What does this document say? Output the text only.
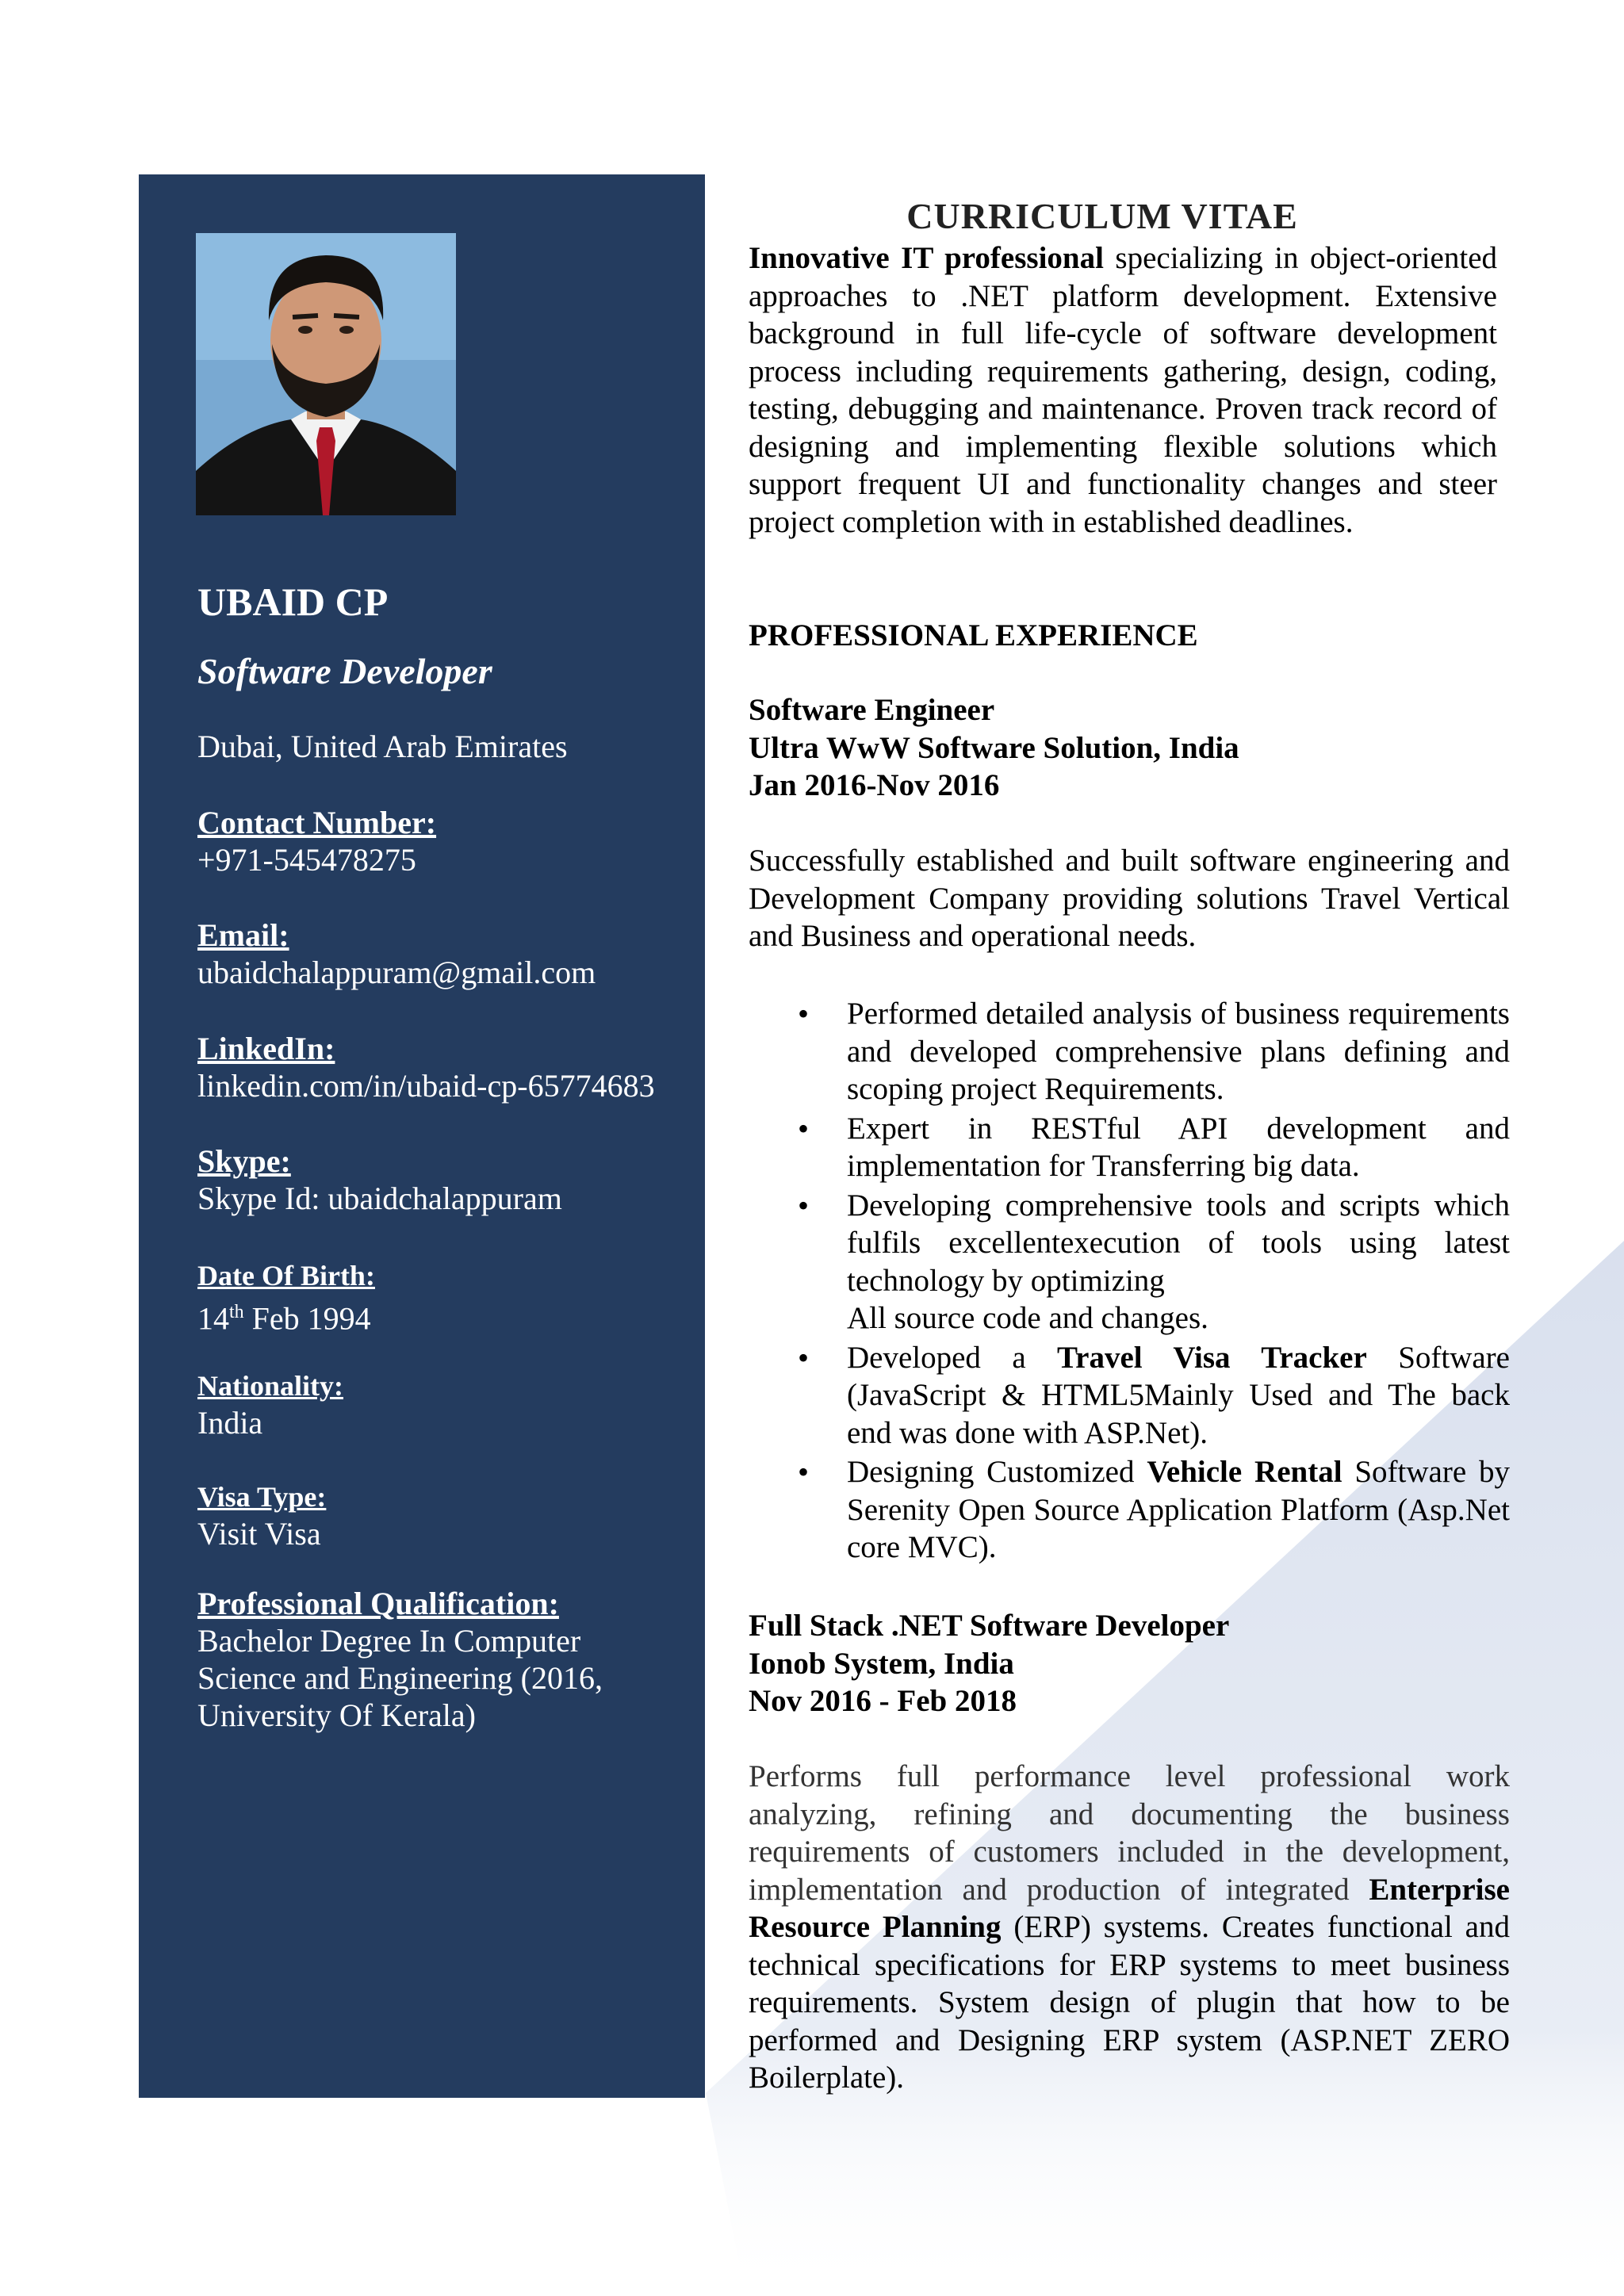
UBAID CP
Software Developer
Dubai, United Arab Emirates
Contact Number:
+971-545478275
Email:
ubaidchalappuram@gmail.com
LinkedIn:
linkedin.com/in/ubaid-cp-65774683
Skype:
Skype Id: ubaidchalappuram
Date Of Birth:
14th Feb 1994
Nationality:
India
Visa Type:
Visit Visa
Professional Qualification:
Bachelor Degree In Computer Science and Engineering (2016, University Of Kerala)
CURRICULUM VITAE
Innovative IT professional specializing in object-oriented approaches to .NET platform development. Extensive background in full life-cycle of software development process including requirements gathering, design, coding, testing, debugging and maintenance. Proven track record of designing and implementing flexible solutions which support frequent UI and functionality changes and steer project completion with in established deadlines.
PROFESSIONAL EXPERIENCE
Software Engineer
Ultra WwW Software Solution, India
Jan 2016-Nov 2016
Successfully established and built software engineering and Development Company providing solutions Travel Vertical and Business and operational needs.
• Performed detailed analysis of business requirements and developed comprehensive plans defining and scoping project Requirements.
• Expert in RESTful API development and implementation for Transferring big data.
• Developing comprehensive tools and scripts which fulfils excellentexecution of tools using latest technology by optimizing
All source code and changes.
• Developed a Travel Visa Tracker Software (JavaScript & HTML5Mainly Used and The back end was done with ASP.Net).
• Designing Customized Vehicle Rental Software by Serenity Open Source Application Platform (Asp.Net core MVC).
Full Stack .NET Software Developer
Ionob System, India
Nov 2016 - Feb 2018
Performs full performance level professional work analyzing, refining and documenting the business requirements of customers included in the development, implementation and production of integrated Enterprise Resource Planning (ERP) systems. Creates functional and technical specifications for ERP systems to meet business requirements. System design of plugin that how to be performed and Designing ERP system (ASP.NET ZERO Boilerplate).
